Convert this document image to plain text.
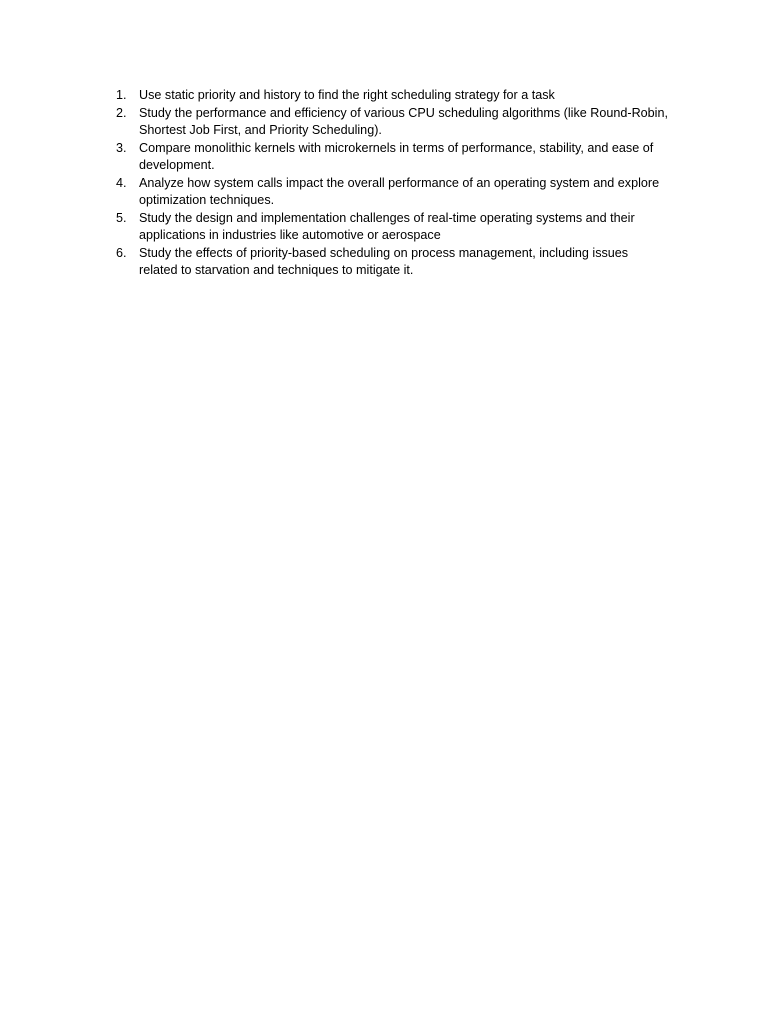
1. Use static priority and history to find the right scheduling strategy for a task
2. Study the performance and efficiency of various CPU scheduling algorithms (like Round-Robin, Shortest Job First, and Priority Scheduling).
3. Compare monolithic kernels with microkernels in terms of performance, stability, and ease of development.
4. Analyze how system calls impact the overall performance of an operating system and explore optimization techniques.
5. Study the design and implementation challenges of real-time operating systems and their applications in industries like automotive or aerospace
6. Study the effects of priority-based scheduling on process management, including issues related to starvation and techniques to mitigate it.
